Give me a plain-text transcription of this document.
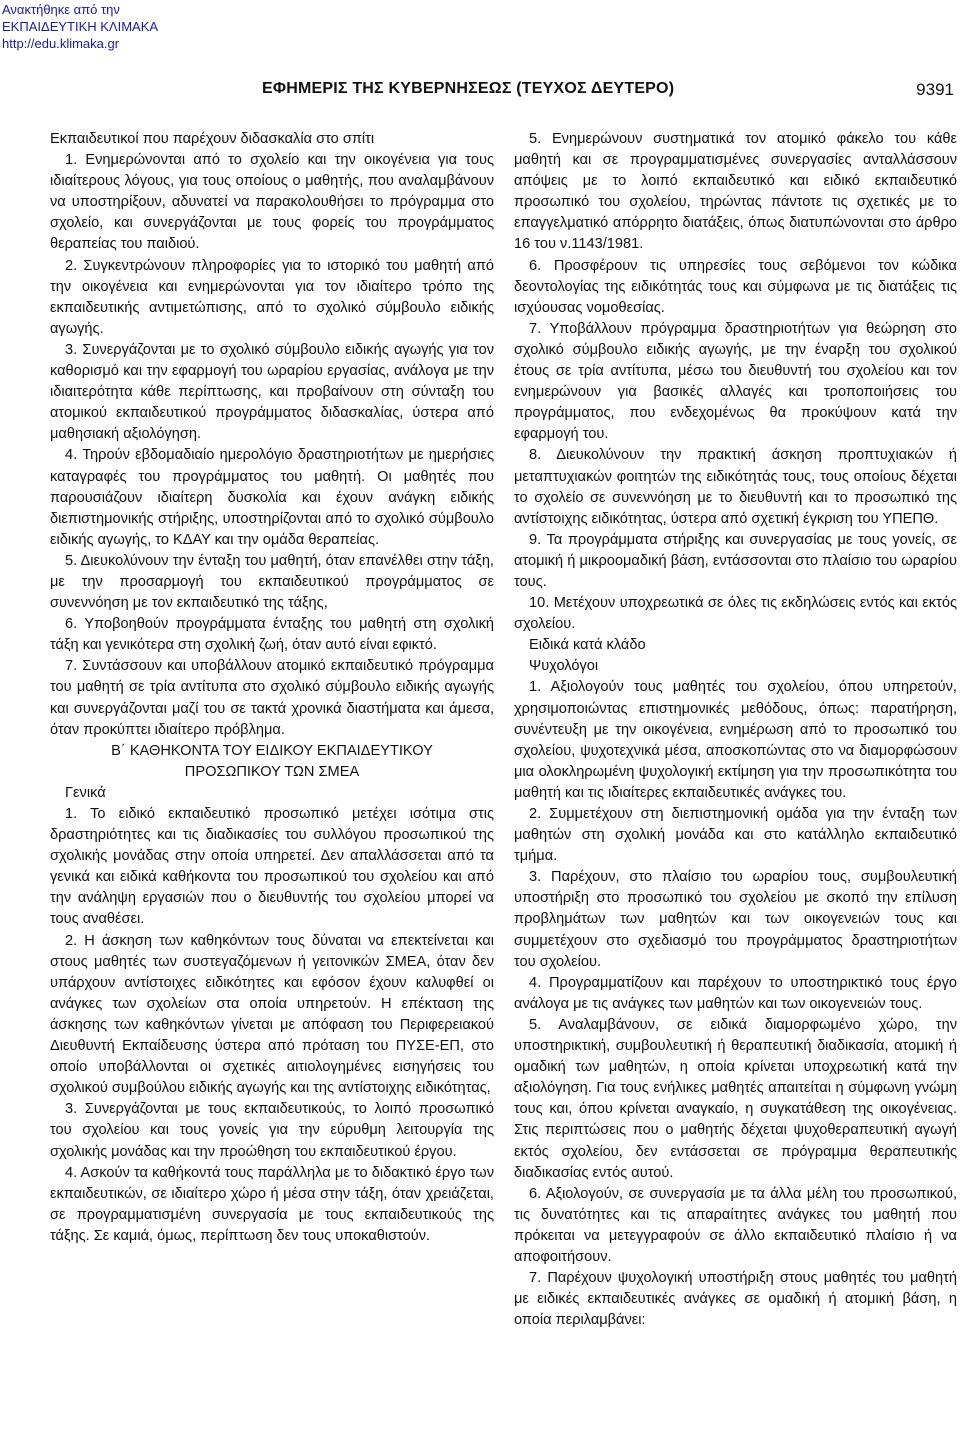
Ανακτήθηκε από την
ΕΚΠΑΙΔΕΥΤΙΚΗ ΚΛΙΜΑΚΑ
http://edu.klimaka.gr
ΕΦΗΜΕΡΙΣ ΤΗΣ ΚΥΒΕΡΝΗΣΕΩΣ (ΤΕΥΧΟΣ ΔΕΥΤΕΡΟ)	9391

Εκπαιδευτικοί που παρέχουν διδασκαλία στο σπίτι

1. Ενημερώνονται από το σχολείο και την οικογένεια για τους ιδιαίτερους λόγους, για τους οποίους ο μαθητής, που αναλαμβάνουν να υποστηρίξουν, αδυνατεί να παρακολουθήσει το πρόγραμμα στο σχολείο, και συνεργάζονται με τους φορείς του προγράμματος θεραπείας του παιδιού.

2. Συγκεντρώνουν πληροφορίες για το ιστορικό του μαθητή από την οικογένεια και ενημερώνονται για τον ιδιαίτερο τρόπο της εκπαιδευτικής αντιμετώπισης, από το σχολικό σύμβουλο ειδικής αγωγής.

3. Συνεργάζονται με το σχολικό σύμβουλο ειδικής αγωγής για τον καθορισμό και την εφαρμογή του ωραρίου εργασίας, ανάλογα με την ιδιαιτερότητα κάθε περίπτωσης, και προβαίνουν στη σύνταξη του ατομικού εκπαιδευτικού προγράμματος διδασκαλίας, ύστερα από μαθησιακή αξιολόγηση.

4. Τηρούν εβδομαδιαίο ημερολόγιο δραστηριοτήτων με ημερήσιες καταγραφές του προγράμματος του μαθητή. Οι μαθητές που παρουσιάζουν ιδιαίτερη δυσκολία και έχουν ανάγκη ειδικής διεπιστημονικής στήριξης, υποστηρίζονται από το σχολικό σύμβουλο ειδικής αγωγής, το ΚΔΑΥ και την ομάδα θεραπείας.

5. Διευκολύνουν την ένταξη του μαθητή, όταν επανέλθει στην τάξη, με την προσαρμογή του εκπαιδευτικού προγράμματος σε συνεννόηση με τον εκπαιδευτικό της τάξης,

6. Υποβοηθούν προγράμματα ένταξης του μαθητή στη σχολική τάξη και γενικότερα στη σχολική ζωή, όταν αυτό είναι εφικτό.

7. Συντάσσουν και υποβάλλουν ατομικό εκπαιδευτικό πρόγραμμα του μαθητή σε τρία αντίτυπα στο σχολικό σύμβουλο ειδικής αγωγής και συνεργάζονται μαζί του σε τακτά χρονικά διαστήματα και άμεσα, όταν προκύπτει ιδιαίτερο πρόβλημα.

Β΄ ΚΑΘΗΚΟΝΤΑ ΤΟΥ ΕΙΔΙΚΟΥ ΕΚΠΑΙΔΕΥΤΙΚΟΥ

ΠΡΟΣΩΠΙΚΟΥ ΤΩΝ ΣΜΕΑ

Γενικά

1. Το ειδικό εκπαιδευτικό προσωπικό μετέχει ισότιμα στις δραστηριότητες και τις διαδικασίες του συλλόγου προσωπικού της σχολικής μονάδας στην οποία υπηρετεί. Δεν απαλλάσσεται από τα γενικά και ειδικά καθήκοντα του προσωπικού του σχολείου και από την ανάληψη εργασιών που ο διευθυντής του σχολείου μπορεί να τους αναθέσει.

2. Η άσκηση των καθηκόντων τους δύναται να επεκτείνεται και στους μαθητές των συστεγαζόμενων ή γειτονικών ΣΜΕΑ, όταν δεν υπάρχουν αντίστοιχες ειδικότητες και εφόσον έχουν καλυφθεί οι ανάγκες των σχολείων στα οποία υπηρετούν. Η επέκταση της άσκησης των καθηκόντων γίνεται με απόφαση του Περιφερειακού Διευθυντή Εκπαίδευσης ύστερα από πρόταση του ΠΥΣΕ-ΕΠ, στο οποίο υποβάλλονται οι σχετικές αιτιολογημένες εισηγήσεις του σχολικού συμβούλου ειδικής αγωγής και της αντίστοιχης ειδικότητας,

3. Συνεργάζονται με τους εκπαιδευτικούς, το λοιπό προσωπικό του σχολείου και τους γονείς για την εύρυθμη λειτουργία της σχολικής μονάδας και την προώθηση του εκπαιδευτικού έργου.

4. Ασκούν τα καθήκοντά τους παράλληλα με το διδακτικό έργο των εκπαιδευτικών, σε ιδιαίτερο χώρο ή μέσα στην τάξη, όταν χρειάζεται, σε προγραμματισμένη συνεργασία με τους εκπαιδευτικούς της τάξης. Σε καμιά, όμως, περίπτωση δεν τους υποκαθιστούν.

5. Ενημερώνουν συστηματικά τον ατομικό φάκελο του κάθε μαθητή και σε προγραμματισμένες συνεργασίες ανταλλάσσουν απόψεις με το λοιπό εκπαιδευτικό και ειδικό εκπαιδευτικό προσωπικό του σχολείου, τηρώντας πάντοτε τις σχετικές με το επαγγελματικό απόρρητο διατάξεις, όπως διατυπώνονται στο άρθρο 16 του ν.1143/1981.

6. Προσφέρουν τις υπηρεσίες τους σεβόμενοι τον κώδικα δεοντολογίας της ειδικότητάς τους και σύμφωνα με τις διατάξεις τις ισχύουσας νομοθεσίας.

7. Υποβάλλουν πρόγραμμα δραστηριοτήτων για θεώρηση στο σχολικό σύμβουλο ειδικής αγωγής, με την έναρξη του σχολικού έτους σε τρία αντίτυπα, μέσω του διευθυντή του σχολείου και τον ενημερώνουν για βασικές αλλαγές και τροποποιήσεις του προγράμματος, που ενδεχομένως θα προκύψουν κατά την εφαρμογή του.

8. Διευκολύνουν την πρακτική άσκηση προπτυχιακών ή μεταπτυχιακών φοιτητών της ειδικότητάς τους, τους οποίους δέχεται το σχολείο σε συνεννόηση με το διευθυντή και το προσωπικό της αντίστοιχης ειδικότητας, ύστερα από σχετική έγκριση του ΥΠΕΠΘ.

9. Τα προγράμματα στήριξης και συνεργασίας με τους γονείς, σε ατομική ή μικροομαδική βάση, εντάσσονται στο πλαίσιο του ωραρίου τους.

10. Μετέχουν υποχρεωτικά σε όλες τις εκδηλώσεις εντός και εκτός σχολείου.

Ειδικά κατά κλάδο

Ψυχολόγοι

1. Αξιολογούν τους μαθητές του σχολείου, όπου υπηρετούν, χρησιμοποιώντας επιστημονικές μεθόδους, όπως: παρατήρηση, συνέντευξη με την οικογένεια, ενημέρωση από το προσωπικό του σχολείου, ψυχοτεχνικά μέσα, αποσκοπώντας στο να διαμορφώσουν μια ολοκληρωμένη ψυχολογική εκτίμηση για την προσωπικότητα του μαθητή και τις ιδιαίτερες εκπαιδευτικές ανάγκες του.

2. Συμμετέχουν στη διεπιστημονική ομάδα για την ένταξη των μαθητών στη σχολική μονάδα και στο κατάλληλο εκπαιδευτικό τμήμα.

3. Παρέχουν, στο πλαίσιο του ωραρίου τους, συμβουλευτική υποστήριξη στο προσωπικό του σχολείου με σκοπό την επίλυση προβλημάτων των μαθητών και των οικογενειών τους και συμμετέχουν στο σχεδιασμό του προγράμματος δραστηριοτήτων του σχολείου.

4. Προγραμματίζουν και παρέχουν το υποστηρικτικό τους έργο ανάλογα με τις ανάγκες των μαθητών και των οικογενειών τους.

5. Αναλαμβάνουν, σε ειδικά διαμορφωμένο χώρο, την υποστηρικτική, συμβουλευτική ή θεραπευτική διαδικασία, ατομική ή ομαδική των μαθητών, η οποία κρίνεται υποχρεωτική κατά την αξιολόγηση. Για τους ενήλικες μαθητές απαιτείται η σύμφωνη γνώμη τους και, όπου κρίνεται αναγκαίο, η συγκατάθεση της οικογένειας. Στις περιπτώσεις που ο μαθητής δέχεται ψυχοθεραπευτική αγωγή εκτός σχολείου, δεν εντάσσεται σε πρόγραμμα θεραπευτικής διαδικασίας εντός αυτού.

6. Αξιολογούν, σε συνεργασία με τα άλλα μέλη του προσωπικού, τις δυνατότητες και τις απαραίτητες ανάγκες του μαθητή που πρόκειται να μετεγγραφούν σε άλλο εκπαιδευτικό πλαίσιο ή να αποφοιτήσουν.

7. Παρέχουν ψυχολογική υποστήριξη στους μαθητές του μαθητή με ειδικές εκπαιδευτικές ανάγκες σε ομαδική ή ατομική βάση, η οποία περιλαμβάνει:
